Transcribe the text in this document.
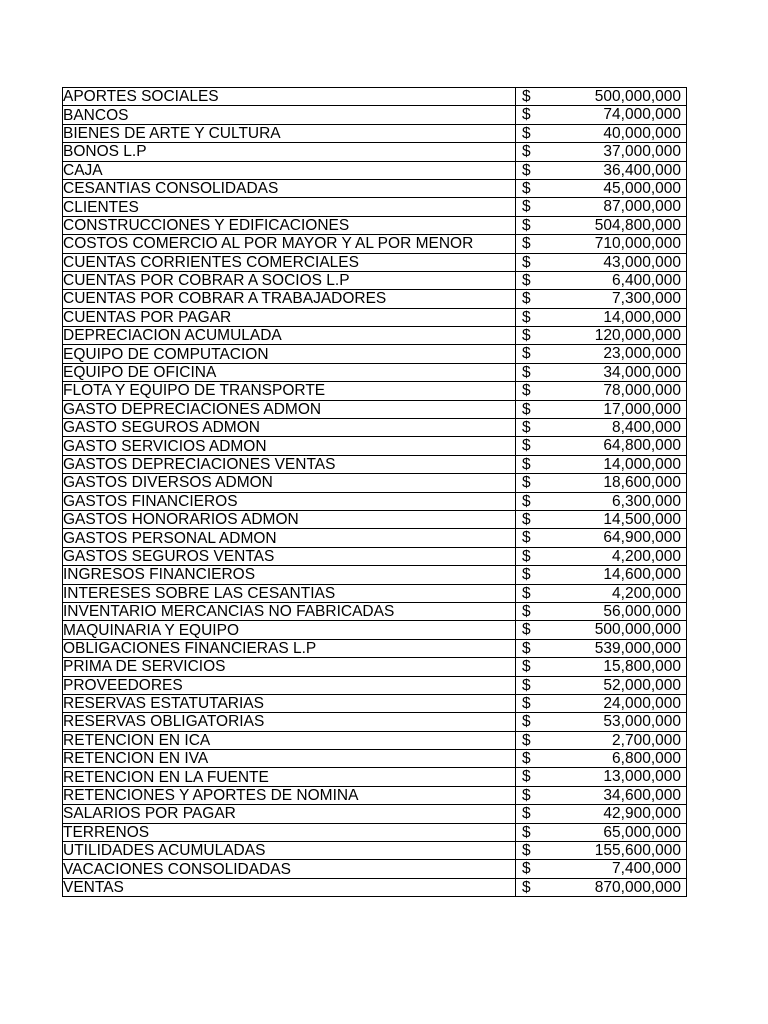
APORTES SOCIALES	$ 500,000,000

BANCOS	$ 74,000,000

BIENES DE ARTE Y CULTURA	$ 40,000,000

BONOS L.P	$ 37,000,000

CAJA	$ 36,400,000

CESANTIAS CONSOLIDADAS	$ 45,000,000

CLIENTES	$ 87,000,000

CONSTRUCCIONES Y EDIFICACIONES	$ 504,800,000

COSTOS COMERCIO AL POR MAYOR Y AL POR MENOR	$ 710,000,000

CUENTAS CORRIENTES COMERCIALES	$ 43,000,000

CUENTAS POR COBRAR A SOCIOS L.P	$ 6,400,000

CUENTAS POR COBRAR A TRABAJADORES	$ 7,300,000

CUENTAS POR PAGAR	$ 14,000,000

DEPRECIACION ACUMULADA	$ 120,000,000

EQUIPO DE COMPUTACION	$ 23,000,000

EQUIPO DE OFICINA	$ 34,000,000

FLOTA Y EQUIPO DE TRANSPORTE	$ 78,000,000

GASTO DEPRECIACIONES ADMON	$ 17,000,000

GASTO SEGUROS ADMON	$ 8,400,000

GASTO SERVICIOS ADMON	$ 64,800,000

GASTOS DEPRECIACIONES VENTAS	$ 14,000,000

GASTOS DIVERSOS ADMON	$ 18,600,000

GASTOS FINANCIEROS	$ 6,300,000

GASTOS HONORARIOS ADMON	$ 14,500,000

GASTOS PERSONAL ADMON	$ 64,900,000

GASTOS SEGUROS VENTAS	$ 4,200,000

INGRESOS FINANCIEROS	$ 14,600,000

INTERESES SOBRE LAS CESANTIAS	$ 4,200,000

INVENTARIO MERCANCIAS NO FABRICADAS	$ 56,000,000

MAQUINARIA Y EQUIPO	$ 500,000,000

OBLIGACIONES FINANCIERAS L.P	$ 539,000,000

PRIMA DE SERVICIOS	$ 15,800,000

PROVEEDORES	$ 52,000,000

RESERVAS ESTATUTARIAS	$ 24,000,000

RESERVAS OBLIGATORIAS	$ 53,000,000

RETENCION EN ICA	$ 2,700,000

RETENCION EN IVA	$ 6,800,000

RETENCION EN LA FUENTE	$ 13,000,000

RETENCIONES Y APORTES DE NOMINA	$ 34,600,000

SALARIOS POR PAGAR	$ 42,900,000

TERRENOS	$ 65,000,000

UTILIDADES ACUMULADAS	$ 155,600,000

VACACIONES CONSOLIDADAS	$ 7,400,000

VENTAS	$ 870,000,000
